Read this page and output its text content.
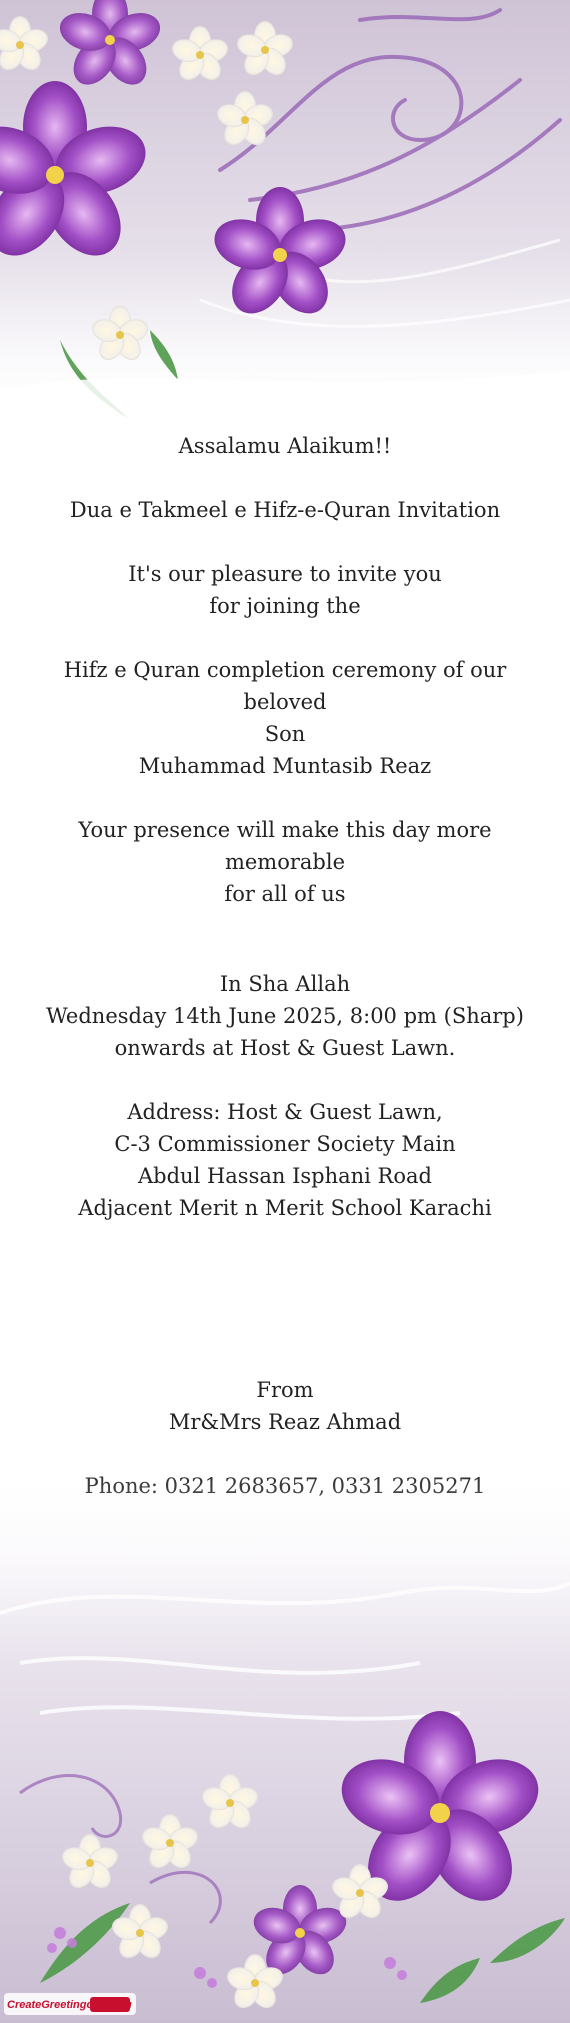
Assalamu Alaikum!!
Dua e Takmeel e Hifz-e-Quran Invitation
It's our pleasure to invite you
for joining the
Hifz e Quran completion ceremony of our beloved
Son
Muhammad Muntasib Reaz
Your presence will make this day more memorable
for all of us
In Sha Allah
Wednesday 14th June 2025, 8:00 pm (Sharp)
onwards at Host & Guest Lawn.
Address: Host & Guest Lawn,
C-3 Commissioner Society Main
Abdul Hassan Isphani Road
Adjacent Merit n Merit School Karachi
From
Mr&Mrs Reaz Ahmad
CreateGreetingcards.eu
